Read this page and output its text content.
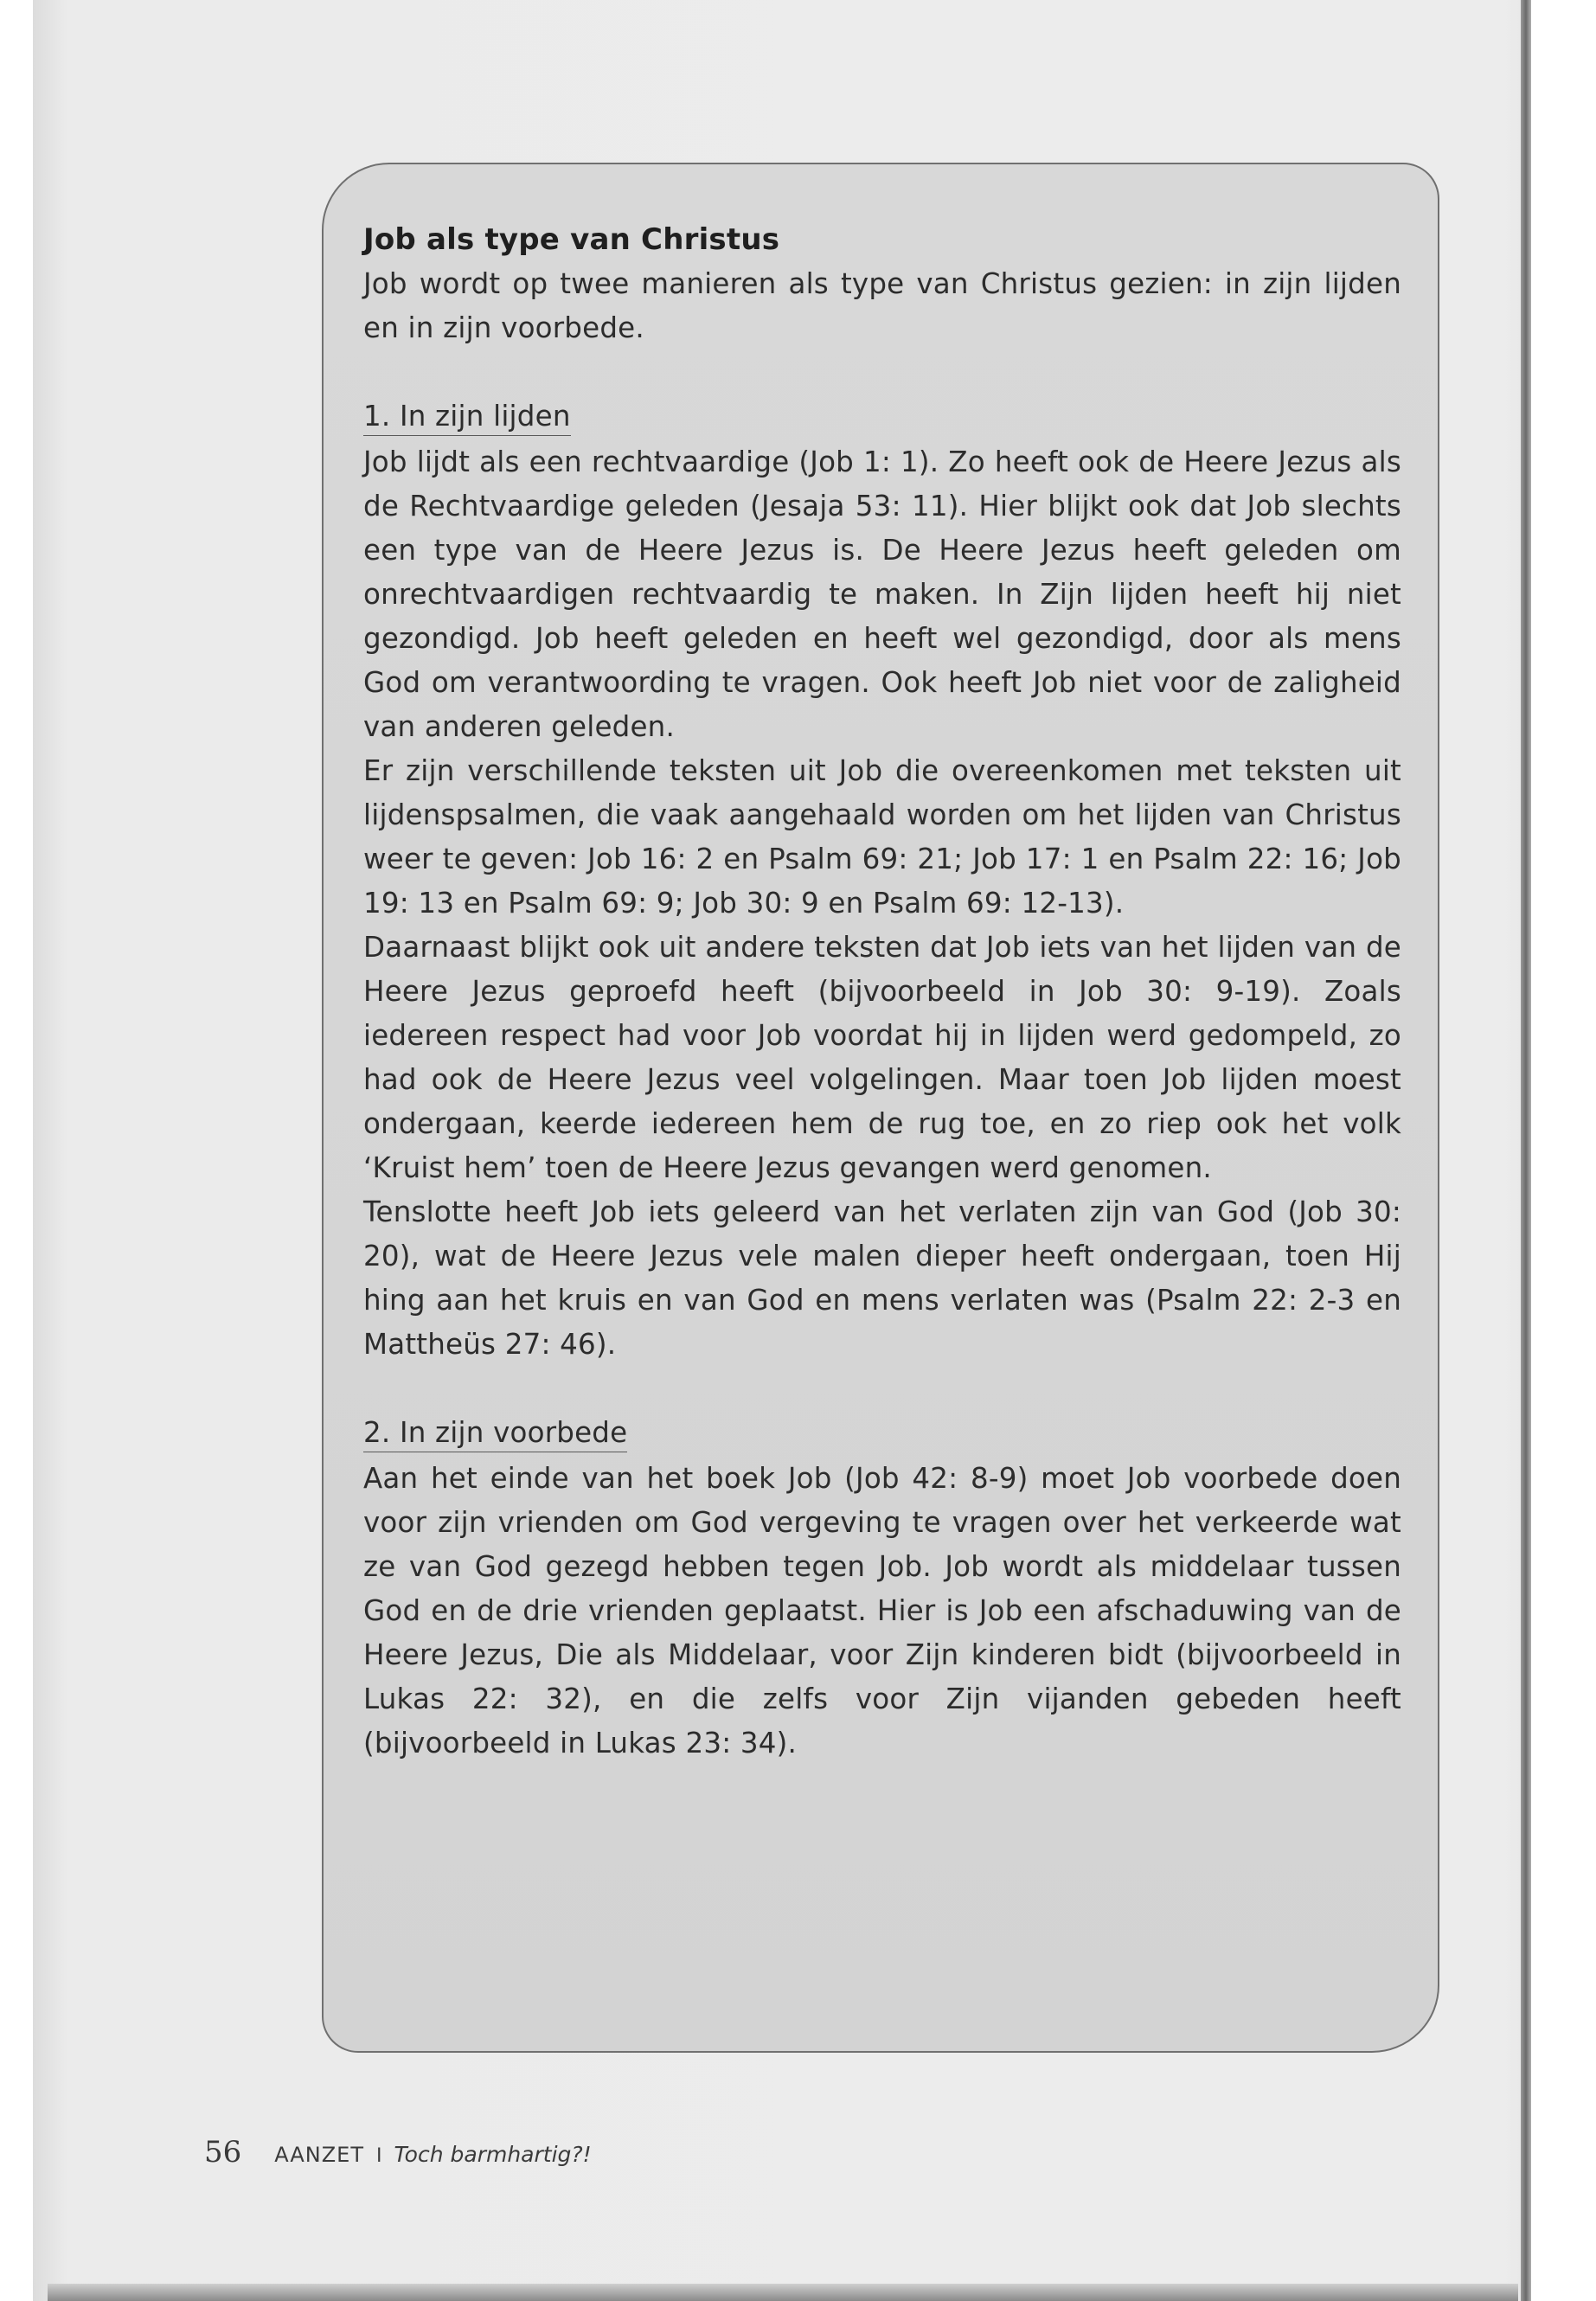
Job als type van Christus

Job wordt op twee manieren als type van Christus gezien: in zijn lijden en in zijn voorbede.

1. In zijn lijden

Job lijdt als een rechtvaardige (Job 1: 1). Zo heeft ook de Heere Jezus als de Rechtvaardige geleden (Jesaja 53: 11). Hier blijkt ook dat Job slechts een type van de Heere Jezus is. De Heere Jezus heeft geleden om onrechtvaardigen rechtvaardig te maken. In Zijn lijden heeft hij niet gezondigd. Job heeft geleden en heeft wel gezondigd, door als mens God om verantwoording te vragen. Ook heeft Job niet voor de zaligheid van anderen geleden.

Er zijn verschillende teksten uit Job die overeenkomen met teksten uit lijdenspsalmen, die vaak aangehaald worden om het lijden van Christus weer te geven: Job 16: 2 en Psalm 69: 21; Job 17: 1 en Psalm 22: 16; Job 19: 13 en Psalm 69: 9; Job 30: 9 en Psalm 69: 12-13).

Daarnaast blijkt ook uit andere teksten dat Job iets van het lijden van de Heere Jezus geproefd heeft (bijvoorbeeld in Job 30: 9-19). Zoals iedereen respect had voor Job voordat hij in lijden werd gedompeld, zo had ook de Heere Jezus veel volgelingen. Maar toen Job lijden moest ondergaan, keerde iedereen hem de rug toe, en zo riep ook het volk ‘Kruist hem’ toen de Heere Jezus gevangen werd genomen.

Tenslotte heeft Job iets geleerd van het verlaten zijn van God (Job 30: 20), wat de Heere Jezus vele malen dieper heeft ondergaan, toen Hij hing aan het kruis en van God en mens verlaten was (Psalm 22: 2-3 en Mattheüs 27: 46).

2. In zijn voorbede

Aan het einde van het boek Job (Job 42: 8-9) moet Job voorbede doen voor zijn vrienden om God vergeving te vragen over het verkeerde wat ze van God gezegd hebben tegen Job. Job wordt als middelaar tussen God en de drie vrienden geplaatst. Hier is Job een afschaduwing van de Heere Jezus, Die als Middelaar, voor Zijn kinderen bidt (bijvoorbeeld in Lukas 22: 32), en die zelfs voor Zijn vijanden gebeden heeft (bijvoorbeeld in Lukas 23: 34).

56 AANZET I Toch barmhartig?!
